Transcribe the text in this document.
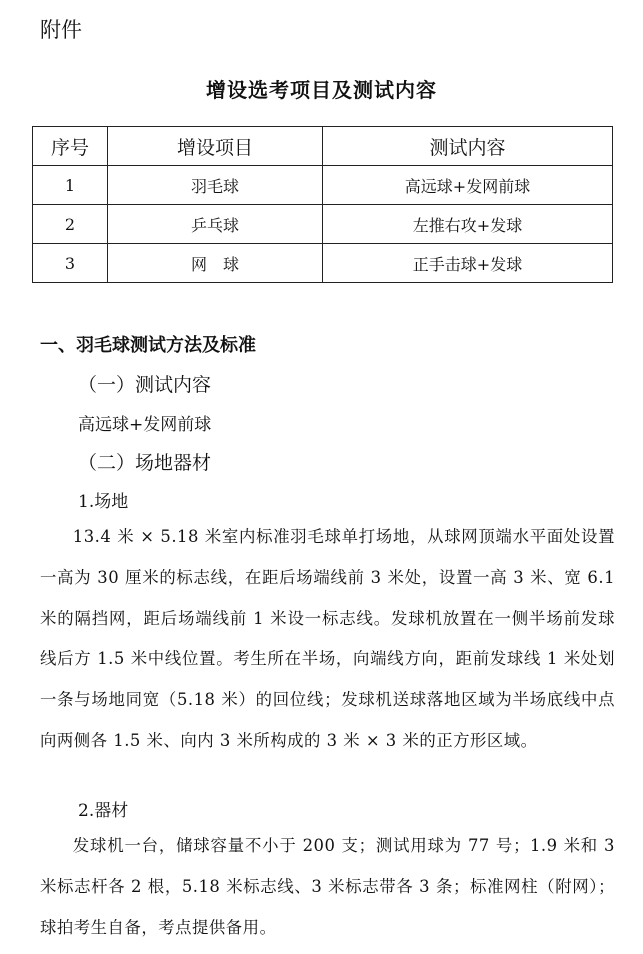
附件
增设选考项目及测试内容
序号	增设项目	测试内容
1	羽毛球	高远球+发网前球
2	乒乓球	左推右攻+发球
3	网　球	正手击球+发球
一、羽毛球测试方法及标准
（一）测试内容
高远球+发网前球
（二）场地器材
1.场地
13.4 米 × 5.18 米室内标准羽毛球单打场地，从球网顶端水平面处设置一高为 30 厘米的标志线，在距后场端线前 3 米处，设置一高 3 米、宽 6.1 米的隔挡网，距后场端线前 1 米设一标志线。发球机放置在一侧半场前发球线后方 1.5 米中线位置。考生所在半场，向端线方向，距前发球线 1 米处划一条与场地同宽（5.18 米）的回位线；发球机送球落地区域为半场底线中点向两侧各 1.5 米、向内 3 米所构成的 3 米 × 3 米的正方形区域。
2.器材
发球机一台，储球容量不小于 200 支；测试用球为 77 号；1.9 米和 3 米标志杆各 2 根，5.18 米标志线、3 米标志带各 3 条；标准网柱（附网）；球拍考生自备，考点提供备用。
